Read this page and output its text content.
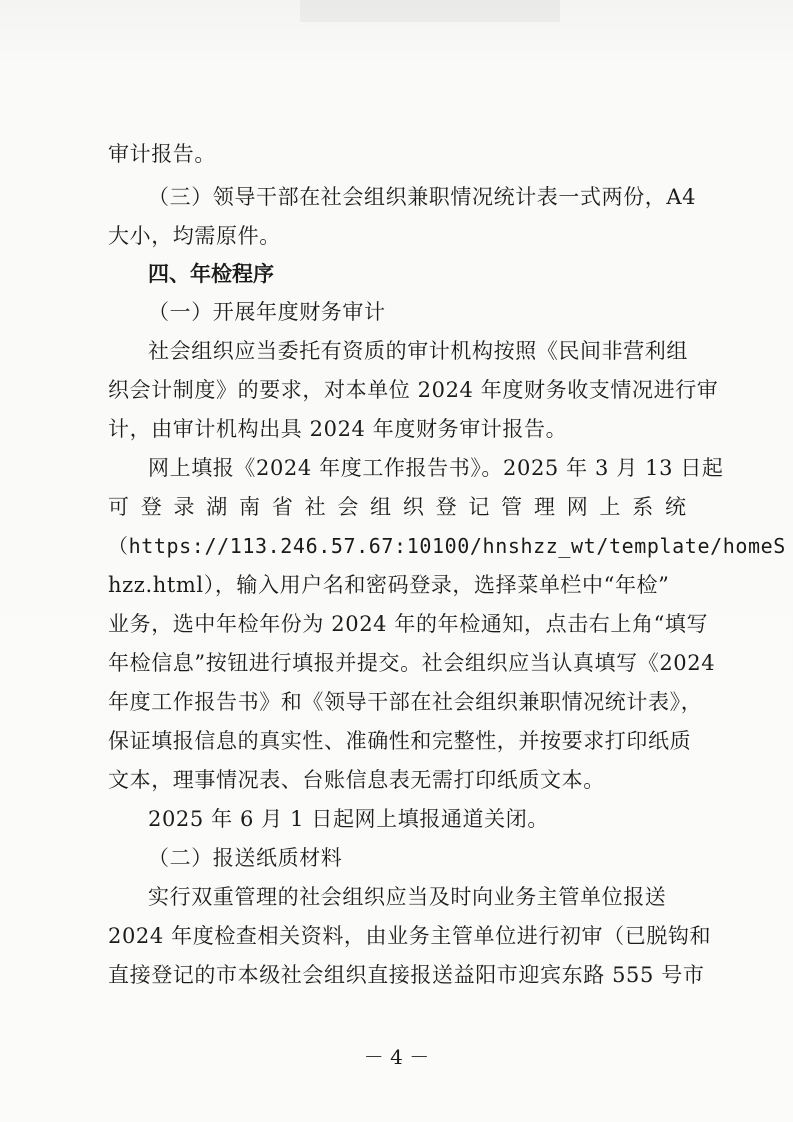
审计报告。
（三）领导干部在社会组织兼职情况统计表一式两份，A4
大小，均需原件。
四、年检程序
（一）开展年度财务审计
社会组织应当委托有资质的审计机构按照《民间非营利组
织会计制度》的要求，对本单位 2024 年度财务收支情况进行审
计，由审计机构出具 2024 年度财务审计报告。
网上填报《2024 年度工作报告书》。2025 年 3 月 13 日起
可登录湖南省社会组织登记管理网上系统
（https://113.246.57.67:10100/hnshzz_wt/template/homeS
hzz.html），输入用户名和密码登录，选择菜单栏中“年检”
业务，选中年检年份为 2024 年的年检通知，点击右上角“填写
年检信息”按钮进行填报并提交。社会组织应当认真填写《2024
年度工作报告书》和《领导干部在社会组织兼职情况统计表》，
保证填报信息的真实性、准确性和完整性，并按要求打印纸质
文本，理事情况表、台账信息表无需打印纸质文本。
2025 年 6 月 1 日起网上填报通道关闭。
（二）报送纸质材料
实行双重管理的社会组织应当及时向业务主管单位报送
2024 年度检查相关资料，由业务主管单位进行初审（已脱钩和
直接登记的市本级社会组织直接报送益阳市迎宾东路 555 号市
－ 4 －
